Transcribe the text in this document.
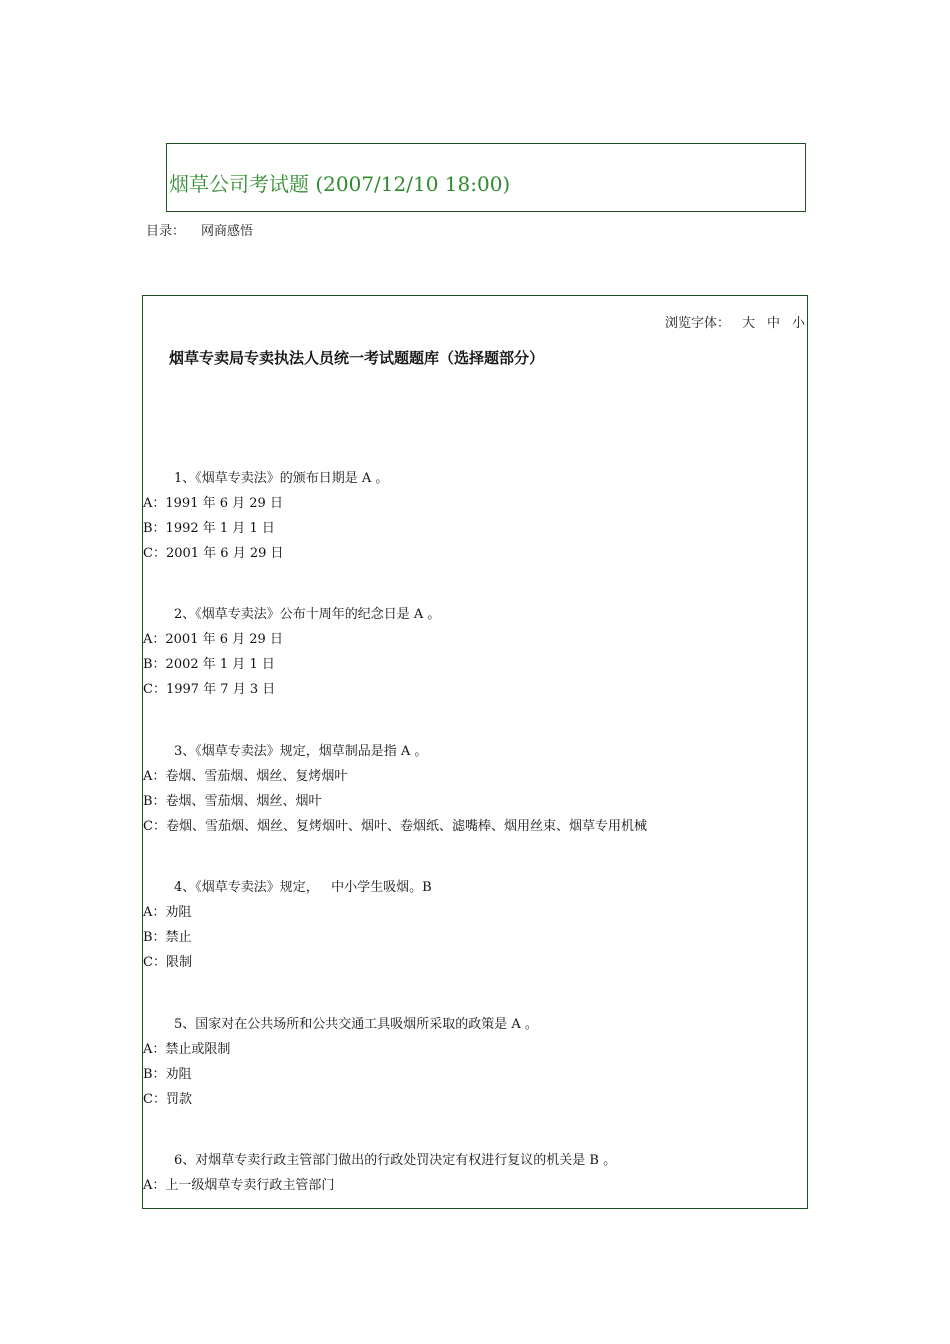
烟草公司考试题 (2007/12/10 18:00)
目录： 网商感悟
浏览字体： 大 中 小
烟草专卖局专卖执法人员统一考试题题库（选择题部分）
1、《烟草专卖法》的颁布日期是 A 。
A：1991 年 6 月 29 日
B：1992 年 1 月 1 日
C：2001 年 6 月 29 日
2、《烟草专卖法》公布十周年的纪念日是 A 。
A：2001 年 6 月 29 日
B：2002 年 1 月 1 日
C：1997 年 7 月 3 日
3、《烟草专卖法》规定，烟草制品是指 A 。
A：卷烟、雪茄烟、烟丝、复烤烟叶
B：卷烟、雪茄烟、烟丝、烟叶
C：卷烟、雪茄烟、烟丝、复烤烟叶、烟叶、卷烟纸、滤嘴棒、烟用丝束、烟草专用机械
4、《烟草专卖法》规定，   中小学生吸烟。B
A：劝阻
B：禁止
C：限制
5、国家对在公共场所和公共交通工具吸烟所采取的政策是 A 。
A：禁止或限制
B：劝阻
C：罚款
6、对烟草专卖行政主管部门做出的行政处罚决定有权进行复议的机关是 B 。
A：上一级烟草专卖行政主管部门
